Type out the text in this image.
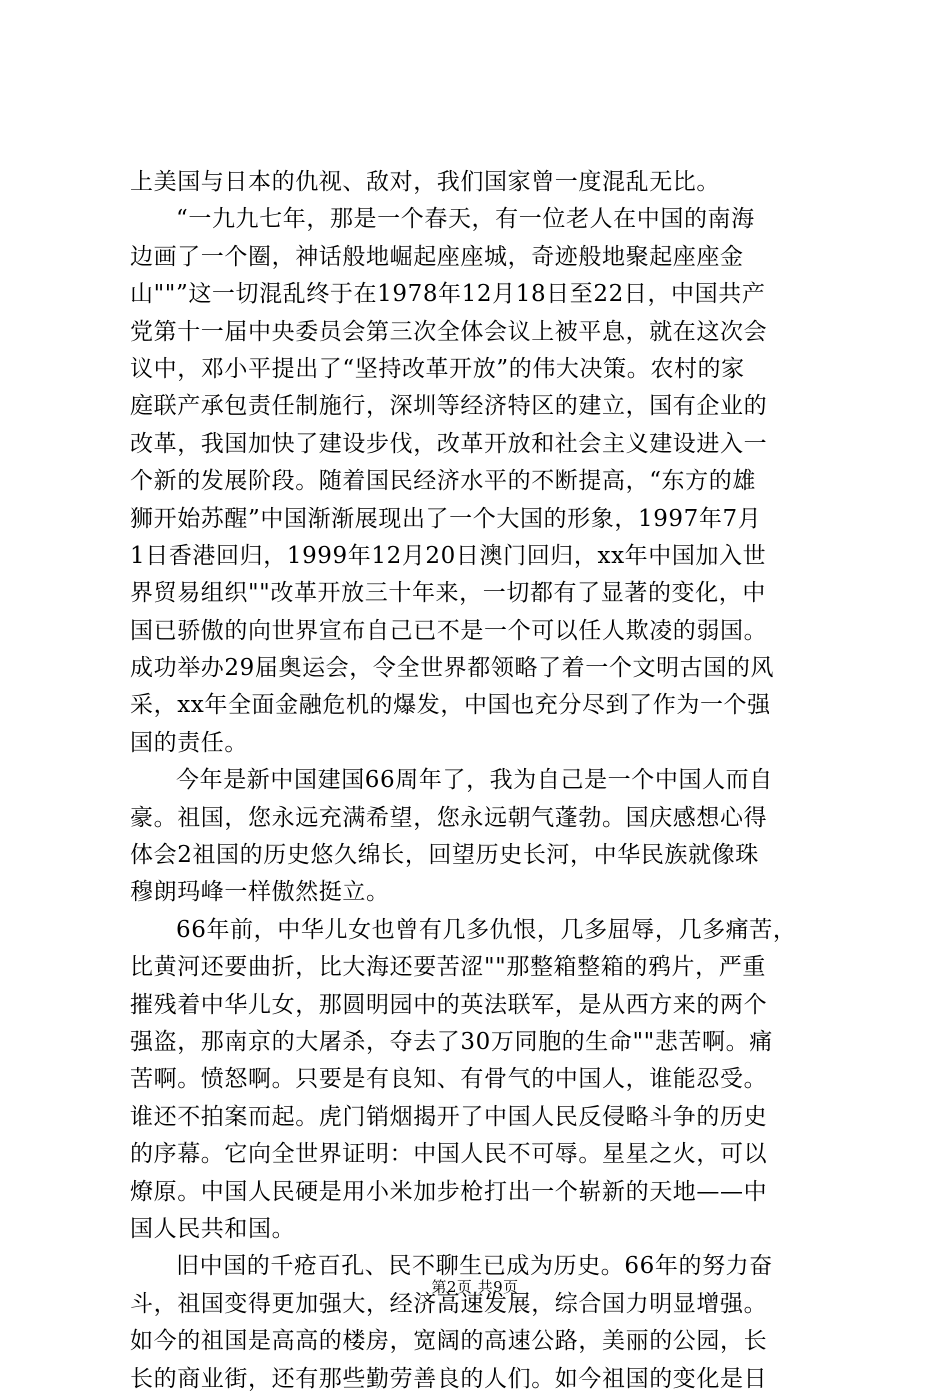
上美国与日本的仇视、敌对，我们国家曾一度混乱无比。
“一九九七年，那是一个春天，有一位老人在中国的南海
边画了一个圈，神话般地崛起座座城，奇迹般地聚起座座金
山""”这一切混乱终于在1978年12月18日至22日，中国共产
党第十一届中央委员会第三次全体会议上被平息，就在这次会
议中，邓小平提出了“坚持改革开放”的伟大决策。农村的家
庭联产承包责任制施行，深圳等经济特区的建立，国有企业的
改革，我国加快了建设步伐，改革开放和社会主义建设进入一
个新的发展阶段。随着国民经济水平的不断提高，“东方的雄
狮开始苏醒”中国渐渐展现出了一个大国的形象，1997年7月
1日香港回归，1999年12月20日澳门回归，xx年中国加入世
界贸易组织""改革开放三十年来，一切都有了显著的变化，中
国已骄傲的向世界宣布自己已不是一个可以任人欺凌的弱国。
成功举办29届奥运会，令全世界都领略了着一个文明古国的风
采，xx年全面金融危机的爆发，中国也充分尽到了作为一个强
国的责任。
今年是新中国建国66周年了，我为自己是一个中国人而自
豪。祖国，您永远充满希望，您永远朝气蓬勃。国庆感想心得
体会2祖国的历史悠久绵长，回望历史长河，中华民族就像珠
穆朗玛峰一样傲然挺立。
66年前，中华儿女也曾有几多仇恨，几多屈辱，几多痛苦，
比黄河还要曲折，比大海还要苦涩""那整箱整箱的鸦片，严重
摧残着中华儿女，那圆明园中的英法联军，是从西方来的两个
强盗，那南京的大屠杀，夺去了30万同胞的生命""悲苦啊。痛
苦啊。愤怒啊。只要是有良知、有骨气的中国人，谁能忍受。
谁还不拍案而起。虎门销烟揭开了中国人民反侵略斗争的历史
的序幕。它向全世界证明：中国人民不可辱。星星之火，可以
燎原。中国人民硬是用小米加步枪打出一个崭新的天地——中
国人民共和国。
旧中国的千疮百孔、民不聊生已成为历史。66年的努力奋
斗，祖国变得更加强大，经济高速发展，综合国力明显增强。
如今的祖国是高高的楼房，宽阔的高速公路，美丽的公园，长
长的商业街，还有那些勤劳善良的人们。如今祖国的变化是日
第2页 共9页
